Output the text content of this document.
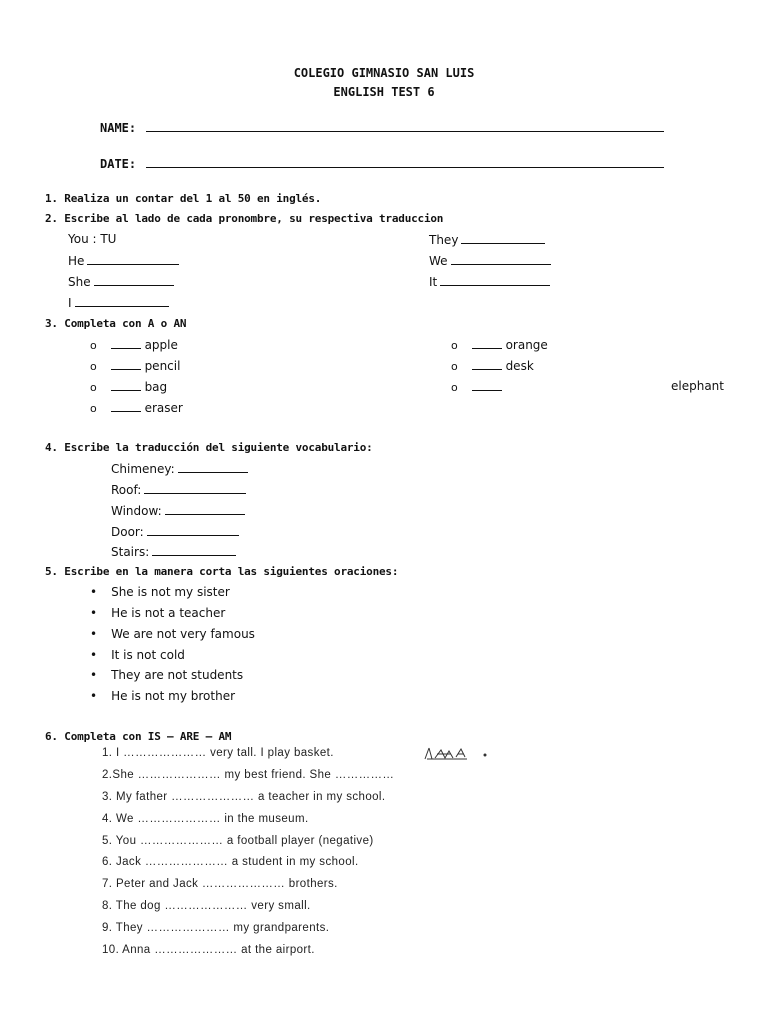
COLEGIO GIMNASIO SAN LUIS
ENGLISH TEST 6
NAME:
DATE:
1. Realiza un contar del 1 al 50 en inglés.
2. Escribe al lado de cada pronombre, su respectiva traduccion
You : TU
He
She
I
They
We
It
3. Completa con A o AN
o	apple
o	pencil
o	bag
o	eraser
o	orange
o	desk
o	elephant
4. Escribe la traducción del siguiente vocabulario:
Chimeney:
Roof:
Window:
Door:
Stairs:
5. Escribe en la manera corta las siguientes oraciones:
• She is not my sister
• He is not a teacher
• We are not very famous
• It is not cold
• They are not students
• He is not my brother
6. Completa con IS – ARE – AM
1. I ………………… very tall. I play basket.
2.She ………………… my best friend. She ……………
3. My father ………………… a teacher in my school.
4. We ………………… in the museum.
5. You ………………… a football player (negative)
6. Jack ………………… a student in my school.
7. Peter and Jack ………………… brothers.
8. The dog ………………… very small.
9. They ………………… my grandparents.
10. Anna ………………… at the airport.
